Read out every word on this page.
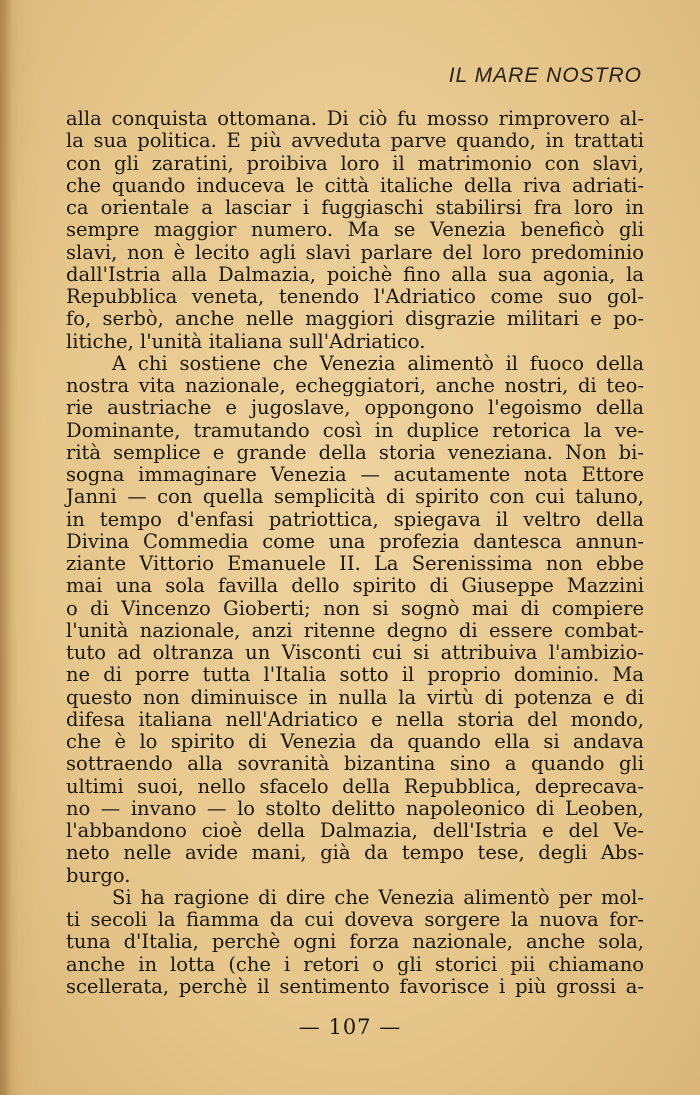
IL MARE NOSTRO
alla conquista ottomana. Di ciò fu mosso rimprovero al-
la sua politica. E più avveduta parve quando, in trattati
con gli zaratini, proibiva loro il matrimonio con slavi,
che quando induceva le città italiche della riva adriati-
ca orientale a lasciar i fuggiaschi stabilirsi fra loro in
sempre maggior numero. Ma se Venezia beneficò gli
slavi, non è lecito agli slavi parlare del loro predominio
dall'Istria alla Dalmazia, poichè fino alla sua agonia, la
Repubblica veneta, tenendo l'Adriatico come suo gol-
fo, serbò, anche nelle maggiori disgrazie militari e po-
litiche, l'unità italiana sull'Adriatico.
A chi sostiene che Venezia alimentò il fuoco della
nostra vita nazionale, echeggiatori, anche nostri, di teo-
rie austriache e jugoslave, oppongono l'egoismo della
Dominante, tramutando così in duplice retorica la ve-
rità semplice e grande della storia veneziana. Non bi-
sogna immaginare Venezia — acutamente nota Ettore
Janni — con quella semplicità di spirito con cui taluno,
in tempo d'enfasi patriottica, spiegava il veltro della
Divina Commedia come una profezia dantesca annun-
ziante Vittorio Emanuele II. La Serenissima non ebbe
mai una sola favilla dello spirito di Giuseppe Mazzini
o di Vincenzo Gioberti; non si sognò mai di compiere
l'unità nazionale, anzi ritenne degno di essere combat-
tuto ad oltranza un Visconti cui si attribuiva l'ambizio-
ne di porre tutta l'Italia sotto il proprio dominio. Ma
questo non diminuisce in nulla la virtù di potenza e di
difesa italiana nell'Adriatico e nella storia del mondo,
che è lo spirito di Venezia da quando ella si andava
sottraendo alla sovranità bizantina sino a quando gli
ultimi suoi, nello sfacelo della Repubblica, deprecava-
no — invano — lo stolto delitto napoleonico di Leoben,
l'abbandono cioè della Dalmazia, dell'Istria e del Ve-
neto nelle avide mani, già da tempo tese, degli Abs-
burgo.
Si ha ragione di dire che Venezia alimentò per mol-
ti secoli la fiamma da cui doveva sorgere la nuova for-
tuna d'Italia, perchè ogni forza nazionale, anche sola,
anche in lotta (che i retori o gli storici pii chiamano
scellerata, perchè il sentimento favorisce i più grossi a-
— 107 —
